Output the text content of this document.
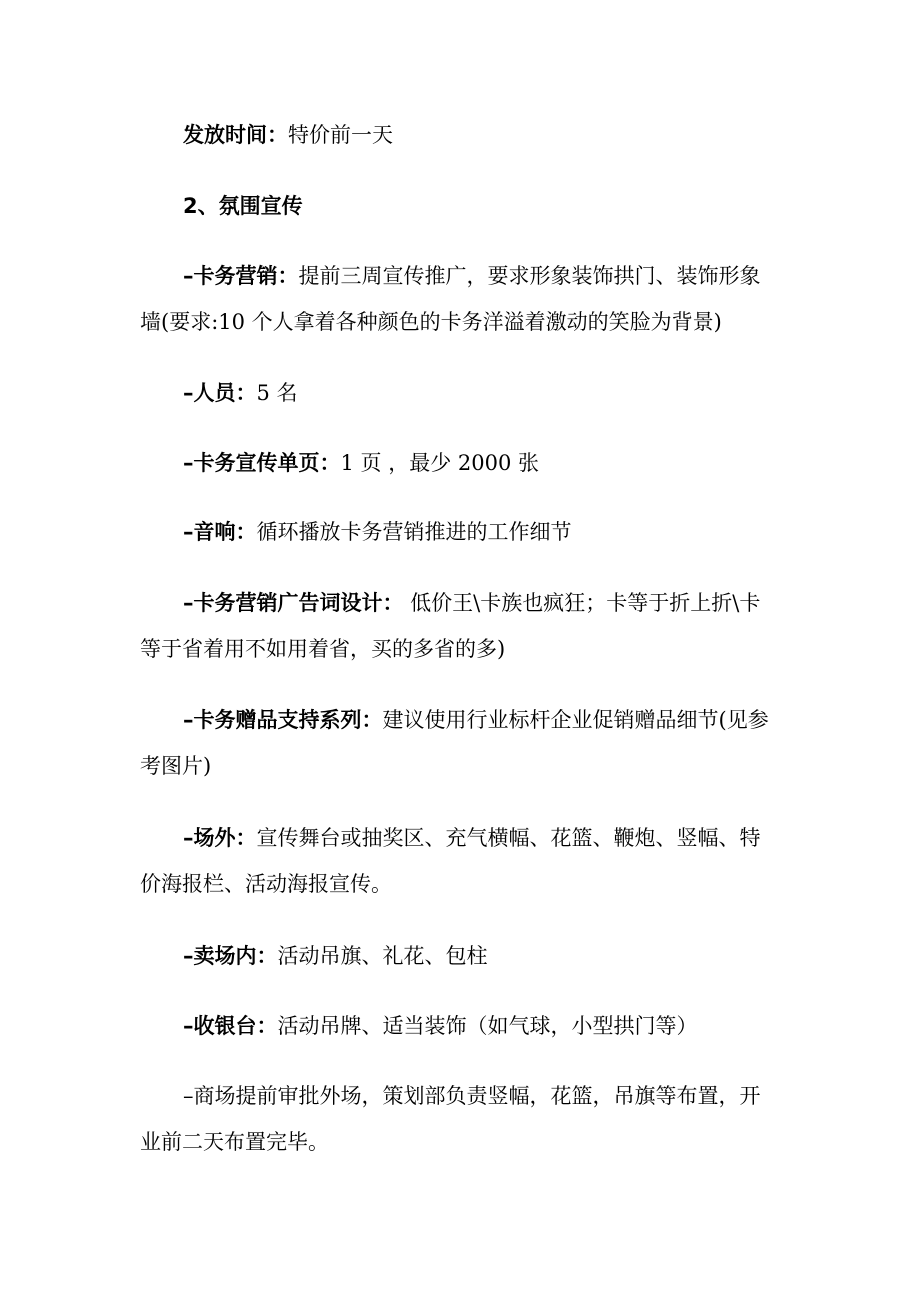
发放时间：特价前一天

2、氛围宣传

–卡务营销：提前三周宣传推广，要求形象装饰拱门、装饰形象墙(要求:10 个人拿着各种颜色的卡务洋溢着激动的笑脸为背景)

–人员：5 名

–卡务宣传单页：1 页 ，最少 2000 张

–音响：循环播放卡务营销推进的工作细节

–卡务营销广告词设计： 低价王\卡族也疯狂；卡等于折上折\卡等于省着用不如用着省，买的多省的多)

–卡务赠品支持系列：建议使用行业标杆企业促销赠品细节(见参考图片)

–场外：宣传舞台或抽奖区、充气横幅、花篮、鞭炮、竖幅、特价海报栏、活动海报宣传。

–卖场内：活动吊旗、礼花、包柱

–收银台：活动吊牌、适当装饰（如气球，小型拱门等）

–商场提前审批外场，策划部负责竖幅，花篮，吊旗等布置，开业前二天布置完毕。
